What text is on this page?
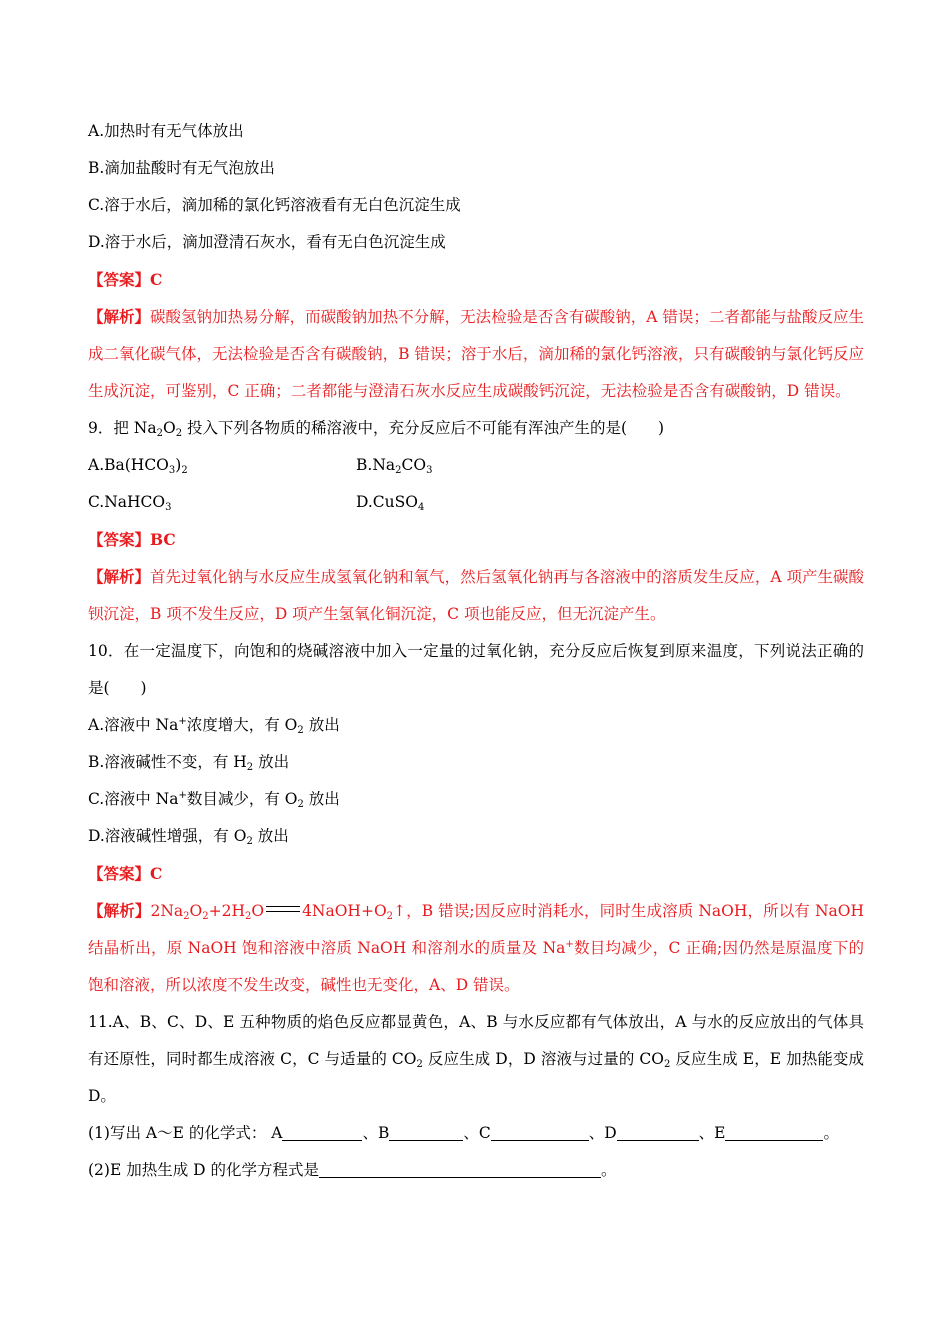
A.加热时有无气体放出
B.滴加盐酸时有无气泡放出
C.溶于水后，滴加稀的氯化钙溶液看有无白色沉淀生成
D.溶于水后，滴加澄清石灰水，看有无白色沉淀生成
【答案】C
【解析】碳酸氢钠加热易分解，而碳酸钠加热不分解，无法检验是否含有碳酸钠，A 错误；二者都能与盐酸反应生成二氧化碳气体，无法检验是否含有碳酸钠，B 错误；溶于水后，滴加稀的氯化钙溶液，只有碳酸钠与氯化钙反应生成沉淀，可鉴别，C 正确；二者都能与澄清石灰水反应生成碳酸钙沉淀，无法检验是否含有碳酸钠，D 错误。
9．把 $Na_2O_2$ 投入下列各物质的稀溶液中，充分反应后不可能有浑浊产生的是(　　)
$A.Ba(HCO_3)_2$	$B.Na_2CO_3$
C.NaHCO$_3$	D.CuSO$_4$
【答案】BC
【解析】首先过氧化钠与水反应生成氢氧化钠和氧气，然后氢氧化钠再与各溶液中的溶质发生反应，A 项产生碳酸钡沉淀，B 项不发生反应，D 项产生氢氧化铜沉淀，C 项也能反应，但无沉淀产生。
10．在一定温度下，向饱和的烧碱溶液中加入一定量的过氧化钠，充分反应后恢复到原来温度，下列说法正确的是(　　)
A.溶液中 Na+浓度增大，有 $O_2$ 放出
B.溶液碱性不变，有 $H_2$ 放出
C.溶液中 Na+数目减少，有 $O_2$ 放出
D.溶液碱性增强，有 $O_2$ 放出
【答案】C
【解析】$2Na_2O_2+2H_2O$ $4NaOH+O_2↑$，B 错误;因反应时消耗水，同时生成溶质 NaOH，所以有 NaOH 结晶析出，原 NaOH 饱和溶液中溶质 NaOH 和溶剂水的质量及 Na+数目均减少，C 正确;因仍然是原温度下的饱和溶液，所以浓度不发生改变，碱性也无变化，A、D 错误。
11.A、B、C、D、E 五种物质的焰色反应都显黄色，A、B 与水反应都有气体放出，A 与水的反应放出的气体具有还原性，同时都生成溶液 C，C 与适量的 $CO_2$ 反应生成 D，D 溶液与过量的 $CO_2$ 反应生成 E，E 加热能变成 D。
(1)写出 A～E 的化学式： A	、B	、C	、D	、E	。
(2)E 加热生成 D 的化学方程式是	。
